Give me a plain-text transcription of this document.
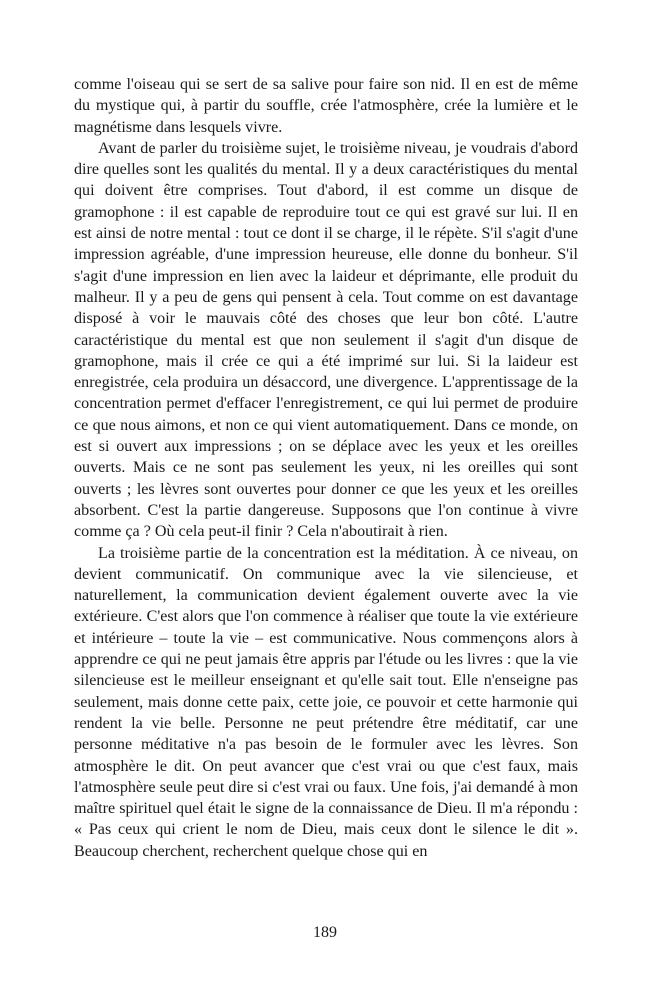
comme l'oiseau qui se sert de sa salive pour faire son nid. Il en est de même du mystique qui, à partir du souffle, crée l'atmosphère, crée la lumière et le magnétisme dans lesquels vivre.

Avant de parler du troisième sujet, le troisième niveau, je voudrais d'abord dire quelles sont les qualités du mental. Il y a deux caractéristiques du mental qui doivent être comprises. Tout d'abord, il est comme un disque de gramophone : il est capable de reproduire tout ce qui est gravé sur lui. Il en est ainsi de notre mental : tout ce dont il se charge, il le répète. S'il s'agit d'une impression agréable, d'une impression heureuse, elle donne du bonheur. S'il s'agit d'une impression en lien avec la laideur et déprimante, elle produit du malheur. Il y a peu de gens qui pensent à cela. Tout comme on est davantage disposé à voir le mauvais côté des choses que leur bon côté. L'autre caractéristique du mental est que non seulement il s'agit d'un disque de gramophone, mais il crée ce qui a été imprimé sur lui. Si la laideur est enregistrée, cela produira un désaccord, une divergence. L'apprentissage de la concentration permet d'effacer l'enregistrement, ce qui lui permet de produire ce que nous aimons, et non ce qui vient automatiquement. Dans ce monde, on est si ouvert aux impressions ; on se déplace avec les yeux et les oreilles ouverts. Mais ce ne sont pas seulement les yeux, ni les oreilles qui sont ouverts ; les lèvres sont ouvertes pour donner ce que les yeux et les oreilles absorbent. C'est la partie dangereuse. Supposons que l'on continue à vivre comme ça ? Où cela peut-il finir ? Cela n'aboutirait à rien.

La troisième partie de la concentration est la méditation. À ce niveau, on devient communicatif. On communique avec la vie silencieuse, et naturellement, la communication devient également ouverte avec la vie extérieure. C'est alors que l'on commence à réaliser que toute la vie extérieure et intérieure – toute la vie – est communicative. Nous commençons alors à apprendre ce qui ne peut jamais être appris par l'étude ou les livres : que la vie silencieuse est le meilleur enseignant et qu'elle sait tout. Elle n'enseigne pas seulement, mais donne cette paix, cette joie, ce pouvoir et cette harmonie qui rendent la vie belle. Personne ne peut prétendre être méditatif, car une personne méditative n'a pas besoin de le formuler avec les lèvres. Son atmosphère le dit. On peut avancer que c'est vrai ou que c'est faux, mais l'atmosphère seule peut dire si c'est vrai ou faux. Une fois, j'ai demandé à mon maître spirituel quel était le signe de la connaissance de Dieu. Il m'a répondu : « Pas ceux qui crient le nom de Dieu, mais ceux dont le silence le dit ». Beaucoup cherchent, recherchent quelque chose qui en

189
